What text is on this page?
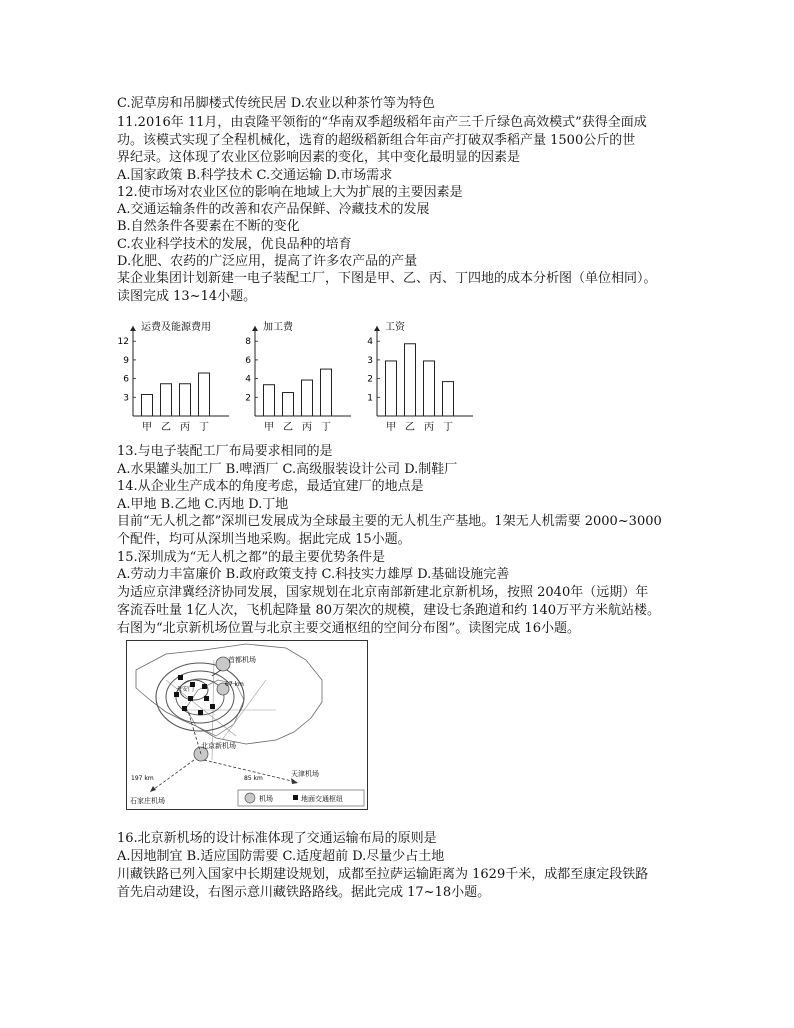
C.泥草房和吊脚楼式传统民居 D.农业以种茶竹等为特色
11.2016年 11月，由袁隆平领衔的“华南双季超级稻年亩产三千斤绿色高效模式”获得全面成
功。该模式实现了全程机械化，选育的超级稻新组合年亩产打破双季稻产量 1500公斤的世
界纪录。这体现了农业区位影响因素的变化，其中变化最明显的因素是
A.国家政策 B.科学技术 C.交通运输 D.市场需求
12.使市场对农业区位的影响在地域上大为扩展的主要因素是
A.交通运输条件的改善和农产品保鲜、冷藏技术的发展
B.自然条件各要素在不断的变化
C.农业科学技术的发展，优良品种的培育
D.化肥、农药的广泛应用，提高了许多农产品的产量
某企业集团计划新建一电子装配工厂，下图是甲、乙、丙、丁四地的成本分析图（单位相同）。
读图完成 13~14小题。
13.与电子装配工厂布局要求相同的是
A.水果罐头加工厂 B.啤酒厂 C.高级服装设计公司 D.制鞋厂
14.从企业生产成本的角度考虑，最适宜建厂的地点是
A.甲地 B.乙地 C.丙地 D.丁地
目前“无人机之都”深圳已发展成为全球最主要的无人机生产基地。1架无人机需要 2000~3000
个配件，均可从深圳当地采购。据此完成 15小题。
15.深圳成为“无人机之都”的最主要优势条件是
A.劳动力丰富廉价 B.政府政策支持 C.科技实力雄厚 D.基础设施完善
为适应京津冀经济协同发展，国家规划在北京南部新建北京新机场，按照 2040年（远期）年
客流吞吐量 1亿人次，飞机起降量 80万架次的规模，建设七条跑道和约 140万平方米航站楼。
右图为“北京新机场位置与北京主要交通枢纽的空间分布图”。读图完成 16小题。
16.北京新机场的设计标准体现了交通运输布局的原则是
A.因地制宜 B.适应国防需要 C.适度超前 D.尽量少占土地
川藏铁路已列入国家中长期建设规划，成都至拉萨运输距离为 1629千米，成都至康定段铁路
首先启动建设，右图示意川藏铁路路线。据此完成 17~18小题。
运费及能源费用
3
6
9
12
甲 乙 丙 丁
加工费
2
4
6
8
甲 乙 丙 丁
工资
1
2
3
4
甲 乙 丙 丁
首都机场
天安门
67 km
北京新机场
197 km	85 km
天津机场
石家庄机场	机场	地面交通枢纽
